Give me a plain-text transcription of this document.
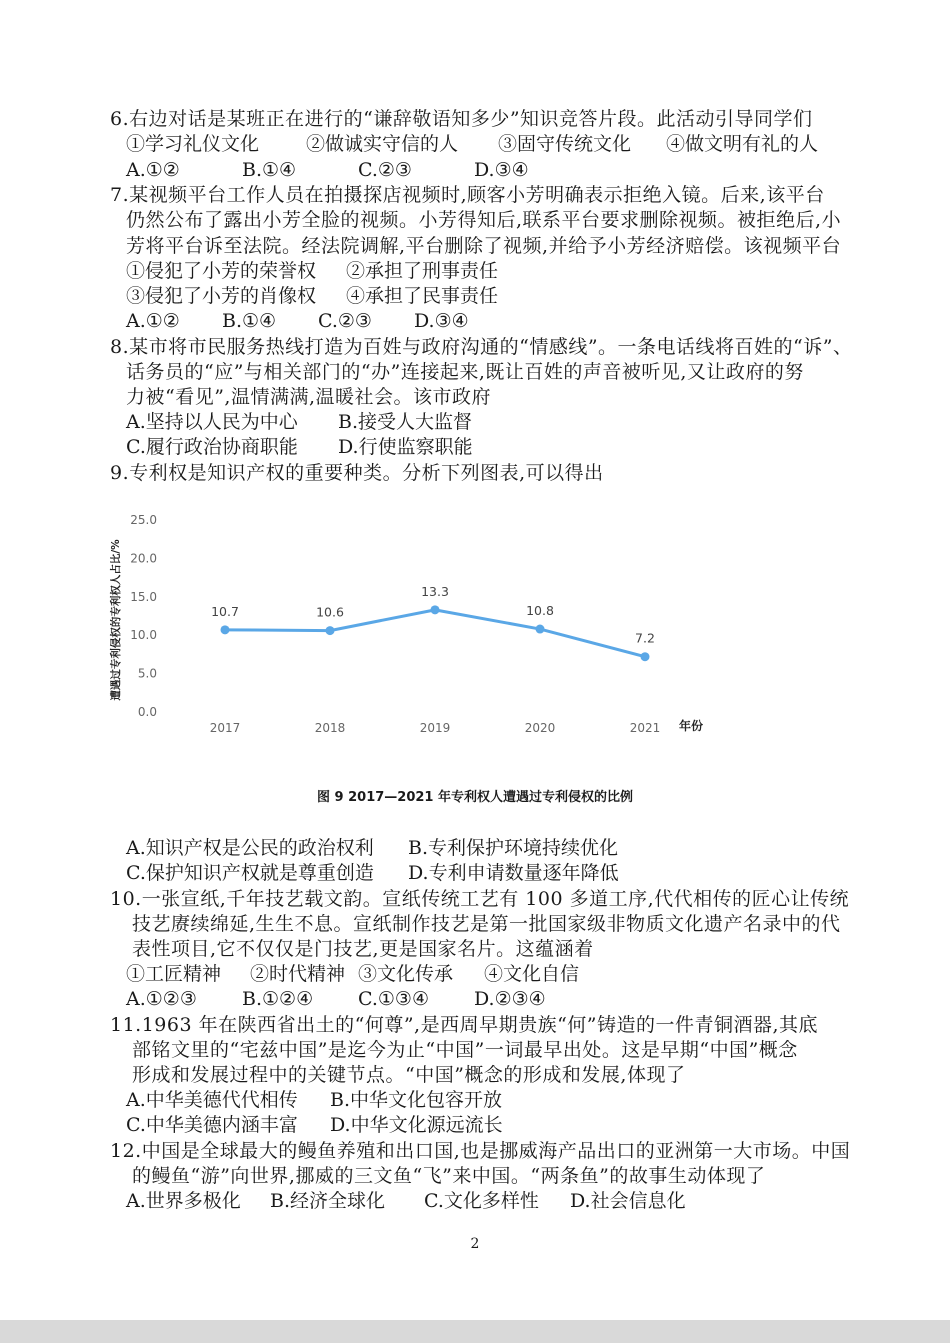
6.右边对话是某班正在进行的“谦辞敬语知多少”知识竞答片段。此活动引导同学们
①学习礼仪文化 ②做诚实守信的人 ③固守传统文化 ④做文明有礼的人
A.①②	B.①④	C.②③	D.③④
7.某视频平台工作人员在拍摄探店视频时,顾客小芳明确表示拒绝入镜。后来,该平台
仍然公布了露出小芳全脸的视频。小芳得知后,联系平台要求删除视频。被拒绝后,小
芳将平台诉至法院。经法院调解,平台删除了视频,并给予小芳经济赔偿。该视频平台
①侵犯了小芳的荣誉权 ②承担了刑事责任
③侵犯了小芳的肖像权 ④承担了民事责任
A.①② B.①④ C.②③ D.③④
8.某市将市民服务热线打造为百姓与政府沟通的“情感线”。一条电话线将百姓的“诉”、
话务员的“应”与相关部门的“办”连接起来,既让百姓的声音被听见,又让政府的努
力被“看见”,温情满满,温暖社会。该市政府
A.坚持以人民为中心 B.接受人大监督
C.履行政治协商职能 D.行使监察职能
9.专利权是知识产权的重要种类。分析下列图表,可以得出
0.0
5.0
10.0
15.0
20.0
25.0
遭遇过专利侵权的专利权人占比/%
2017	2018	2019	2020	2021 年份
10.7	10.6
13.3
10.8
7.2
图 9 2017—2021 年专利权人遭遇过专利侵权的比例
A.知识产权是公民的政治权利 B.专利保护环境持续优化
C.保护知识产权就是尊重创造 D.专利申请数量逐年降低
10.一张宣纸,千年技艺载文韵。宣纸传统工艺有 100 多道工序,代代相传的匠心让传统
技艺赓续绵延,生生不息。宣纸制作技艺是第一批国家级非物质文化遗产名录中的代
表性项目,它不仅仅是门技艺,更是国家名片。这蕴涵着
①工匠精神 ②时代精神 ③文化传承 ④文化自信
A.①②③ B.①②④ C.①③④ D.②③④
11.1963 年在陕西省出土的“何尊”,是西周早期贵族“何”铸造的一件青铜酒器,其底
部铭文里的“宅兹中国”是迄今为止“中国”一词最早出处。这是早期“中国”概念
形成和发展过程中的关键节点。“中国”概念的形成和发展,体现了
A.中华美德代代相传 B.中华文化包容开放
C.中华美德内涵丰富 D.中华文化源远流长
12.中国是全球最大的鳗鱼养殖和出口国,也是挪威海产品出口的亚洲第一大市场。中国
的鳗鱼“游”向世界,挪威的三文鱼“飞”来中国。“两条鱼”的故事生动体现了
A.世界多极化 B.经济全球化 C.文化多样性 D.社会信息化
2
